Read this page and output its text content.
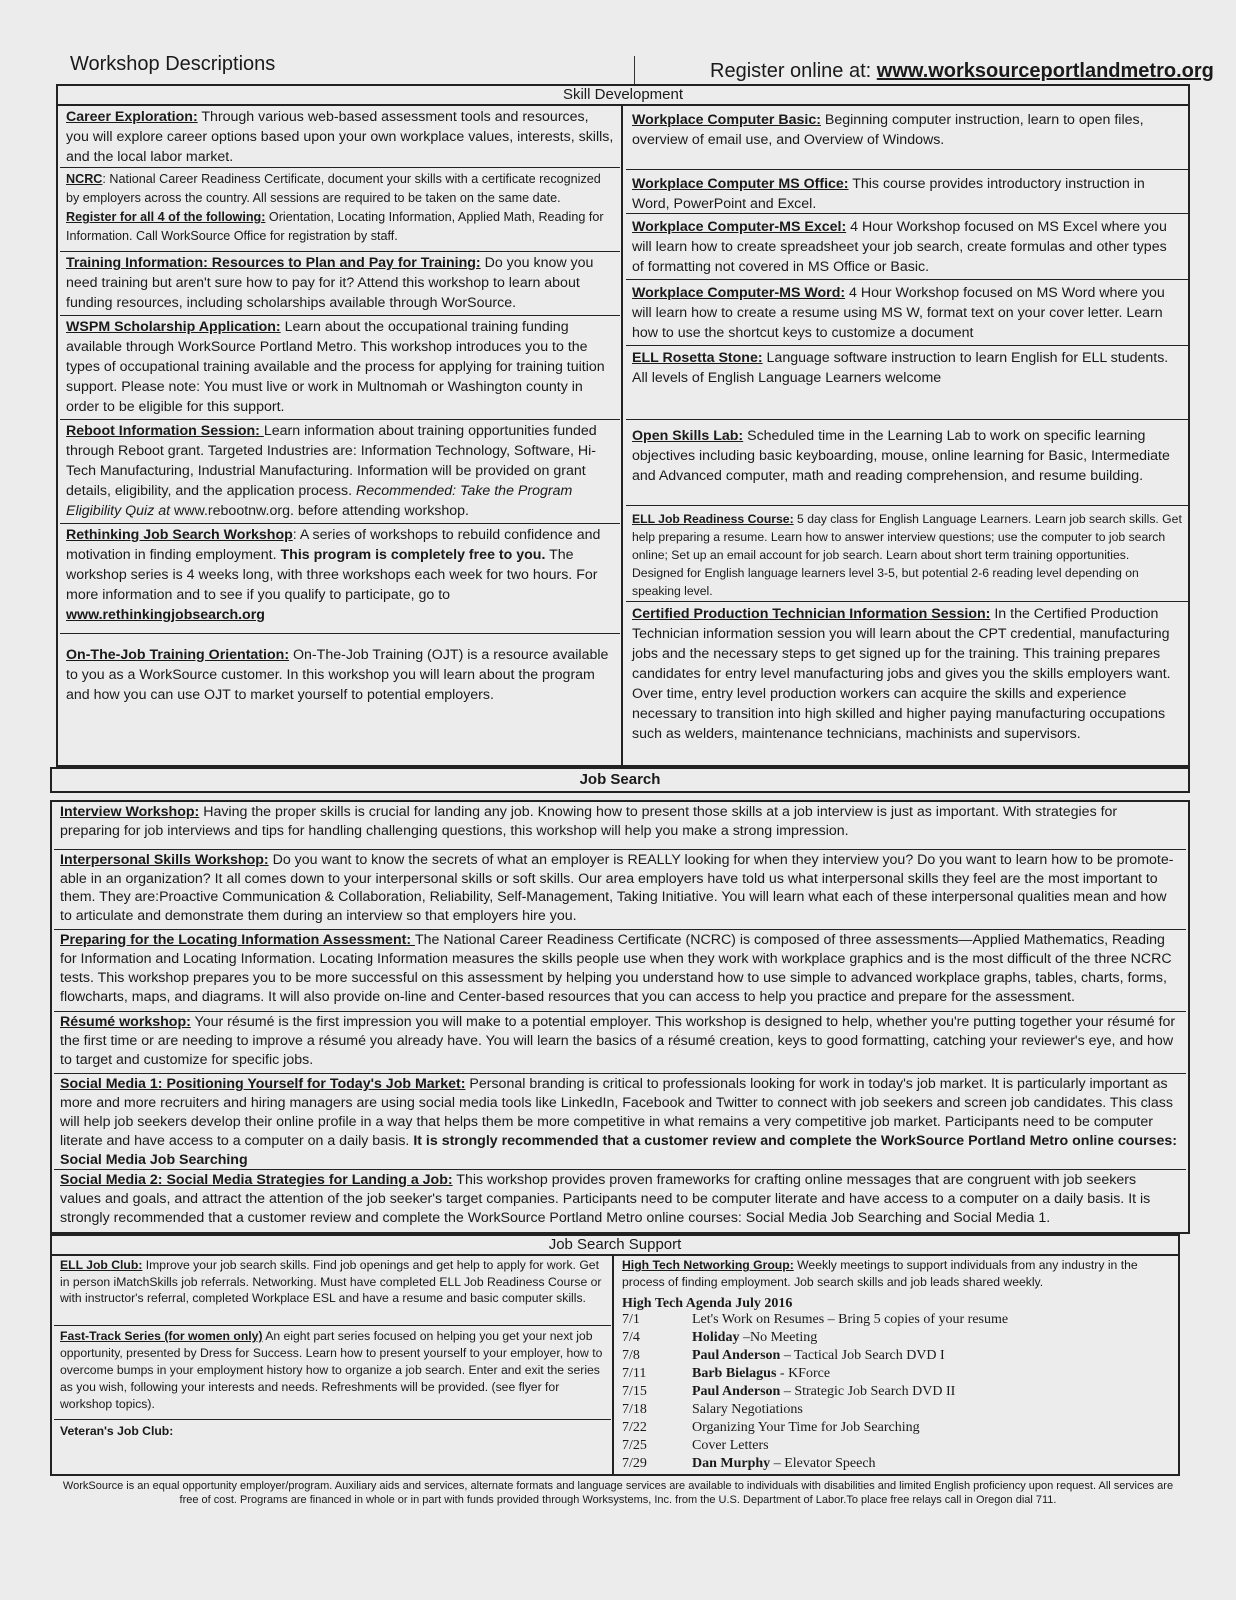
Workshop Descriptions	Register online at: www.worksourceportlandmetro.org
Skill Development
Career Exploration: Through various web-based assessment tools and resources, you will explore career options based upon your own workplace values, interests, skills, and the local labor market.
NCRC: National Career Readiness Certificate, document your skills with a certificate recognized by employers across the country. All sessions are required to be taken on the same date. Register for all 4 of the following: Orientation, Locating Information, Applied Math, Reading for Information. Call WorkSource Office for registration by staff.
Training Information: Resources to Plan and Pay for Training: Do you know you need training but aren't sure how to pay for it? Attend this workshop to learn about funding resources, including scholarships available through WorSource.
WSPM Scholarship Application: Learn about the occupational training funding available through WorkSource Portland Metro. This workshop introduces you to the types of occupational training available and the process for applying for training tuition support. Please note: You must live or work in Multnomah or Washington county in order to be eligible for this support.
Reboot Information Session: Learn information about training opportunities funded through Reboot grant. Targeted Industries are: Information Technology, Software, Hi-Tech Manufacturing, Industrial Manufacturing. Information will be provided on grant details, eligibility, and the application process. Recommended: Take the Program Eligibility Quiz at www.rebootnw.org. before attending workshop.
Rethinking Job Search Workshop: A series of workshops to rebuild confidence and motivation in finding employment. This program is completely free to you. The workshop series is 4 weeks long, with three workshops each week for two hours. For more information and to see if you qualify to participate, go to www.rethinkingjobsearch.org
On-The-Job Training Orientation: On-The-Job Training (OJT) is a resource available to you as a WorkSource customer. In this workshop you will learn about the program and how you can use OJT to market yourself to potential employers.
Workplace Computer Basic: Beginning computer instruction, learn to open files, overview of email use, and Overview of Windows.
Workplace Computer MS Office: This course provides introductory instruction in Word, PowerPoint and Excel.
Workplace Computer-MS Excel: 4 Hour Workshop focused on MS Excel where you will learn how to create spreadsheet your job search, create formulas and other types of formatting not covered in MS Office or Basic.
Workplace Computer-MS Word: 4 Hour Workshop focused on MS Word where you will learn how to create a resume using MS W, format text on your cover letter. Learn how to use the shortcut keys to customize a document
ELL Rosetta Stone: Language software instruction to learn English for ELL students. All levels of English Language Learners welcome
Open Skills Lab: Scheduled time in the Learning Lab to work on specific learning objectives including basic keyboarding, mouse, online learning for Basic, Intermediate and Advanced computer, math and reading comprehension, and resume building.
ELL Job Readiness Course: 5 day class for English Language Learners. Learn job search skills. Get help preparing a resume. Learn how to answer interview questions; use the computer to job search online; Set up an email account for job search. Learn about short term training opportunities. Designed for English language learners level 3-5, but potential 2-6 reading level depending on speaking level.
Certified Production Technician Information Session: In the Certified Production Technician information session you will learn about the CPT credential, manufacturing jobs and the necessary steps to get signed up for the training. This training prepares candidates for entry level manufacturing jobs and gives you the skills employers want. Over time, entry level production workers can acquire the skills and experience necessary to transition into high skilled and higher paying manufacturing occupations such as welders, maintenance technicians, machinists and supervisors.
Job Search
Interview Workshop: Having the proper skills is crucial for landing any job. Knowing how to present those skills at a job interview is just as important. With strategies for preparing for job interviews and tips for handling challenging questions, this workshop will help you make a strong impression.
Interpersonal Skills Workshop: Do you want to know the secrets of what an employer is REALLY looking for when they interview you? Do you want to learn how to be promote-able in an organization? It all comes down to your interpersonal skills or soft skills. Our area employers have told us what interpersonal skills they feel are the most important to them. They are:Proactive Communication & Collaboration, Reliability, Self-Management, Taking Initiative. You will learn what each of these interpersonal qualities mean and how to articulate and demonstrate them during an interview so that employers hire you.
Preparing for the Locating Information Assessment: The National Career Readiness Certificate (NCRC) is composed of three assessments—Applied Mathematics, Reading for Information and Locating Information. Locating Information measures the skills people use when they work with workplace graphics and is the most difficult of the three NCRC tests. This workshop prepares you to be more successful on this assessment by helping you understand how to use simple to advanced workplace graphs, tables, charts, forms, flowcharts, maps, and diagrams. It will also provide on-line and Center-based resources that you can access to help you practice and prepare for the assessment.
Résumé workshop: Your résumé is the first impression you will make to a potential employer. This workshop is designed to help, whether you're putting together your résumé for the first time or are needing to improve a résumé you already have. You will learn the basics of a résumé creation, keys to good formatting, catching your reviewer's eye, and how to target and customize for specific jobs.
Social Media 1: Positioning Yourself for Today's Job Market: Personal branding is critical to professionals looking for work in today's job market. It is particularly important as more and more recruiters and hiring managers are using social media tools like LinkedIn, Facebook and Twitter to connect with job seekers and screen job candidates. This class will help job seekers develop their online profile in a way that helps them be more competitive in what remains a very competitive job market. Participants need to be computer literate and have access to a computer on a daily basis. It is strongly recommended that a customer review and complete the WorkSource Portland Metro online courses: Social Media Job Searching
Social Media 2: Social Media Strategies for Landing a Job: This workshop provides proven frameworks for crafting online messages that are congruent with job seekers values and goals, and attract the attention of the job seeker's target companies. Participants need to be computer literate and have access to a computer on a daily basis. It is strongly recommended that a customer review and complete the WorkSource Portland Metro online courses: Social Media Job Searching and Social Media 1.
Job Search Support
ELL Job Club: Improve your job search skills. Find job openings and get help to apply for work. Get in person iMatchSkills job referrals. Networking. Must have completed ELL Job Readiness Course or with instructor's referral, completed Workplace ESL and have a resume and basic computer skills.
Fast-Track Series (for women only) An eight part series focused on helping you get your next job opportunity, presented by Dress for Success. Learn how to present yourself to your employer, how to overcome bumps in your employment history how to organize a job search. Enter and exit the series as you wish, following your interests and needs. Refreshments will be provided. (see flyer for workshop topics).
Veteran's Job Club:
High Tech Networking Group: Weekly meetings to support individuals from any industry in the process of finding employment. Job search skills and job leads shared weekly.
High Tech Agenda July 2016
7/1	Let's Work on Resumes – Bring 5 copies of your resume
7/4	Holiday –No Meeting
7/8	Paul Anderson – Tactical Job Search DVD I
7/11	Barb Bielagus - KForce
7/15	Paul Anderson – Strategic Job Search DVD II
7/18	Salary Negotiations
7/22	Organizing Your Time for Job Searching
7/25	Cover Letters
7/29	Dan Murphy – Elevator Speech
WorkSource is an equal opportunity employer/program. Auxiliary aids and services, alternate formats and language services are available to individuals with disabilities and limited English proficiency upon request. All services are free of cost. Programs are financed in whole or in part with funds provided through Worksystems, Inc. from the U.S. Department of Labor.To place free relays call in Oregon dial 711.
